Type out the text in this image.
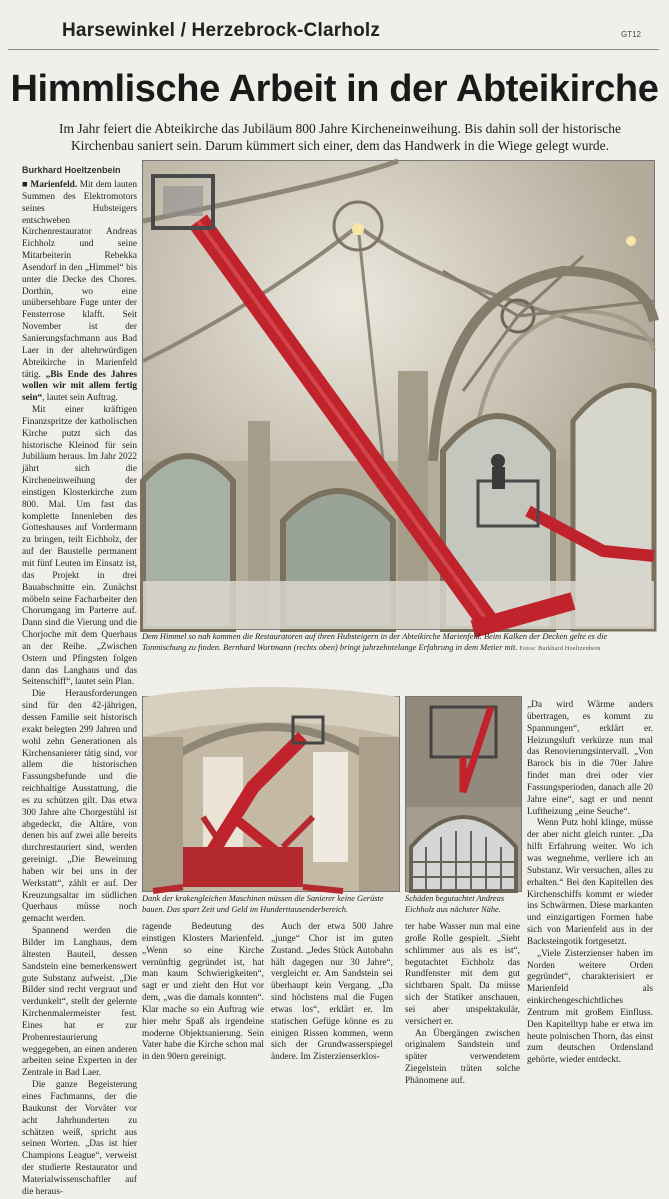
Harsewinkel / Herzebrock-Clarholz	GT12
Himmlische Arbeit in der Abteikirche
Im Jahr feiert die Abteikirche das Jubiläum 800 Jahre Kircheneinweihung. Bis dahin soll der historische Kirchenbau saniert sein. Darum kümmert sich einer, dem das Handwerk in die Wiege gelegt wurde.
Burkhard Hoeltzenbein

■ Marienfeld. Mit dem lauten Summen des Elektromotors seines Hubsteigers entschweben Kirchenrestaurator Andreas Eichholz und seine Mitarbeiterin Rebekka Asendorf in den „Himmel“ bis unter die Decke des Chores. Dorthin, wo eine unübersehbare Fuge unter der Fensterrose klafft. Seit November ist der Sanierungsfachmann aus Bad Laer in der altehrwürdigen Abteikirche in Marienfeld tätig. „Bis Ende des Jahres wollen wir mit allem fertig sein“, lautet sein Auftrag.

Mit einer kräftigen Finanzspritze der katholischen Kirche putzt sich das historische Kleinod für sein Jubiläum heraus. Im Jahr 2022 jährt sich die Kircheneinweihung der einstigen Klosterkirche zum 800. Mal. Um fast das komplette Innenleben des Gotteshauses auf Vordermann zu bringen, teilt Eichholz, der auf der Baustelle permanent mit fünf Leuten im Einsatz ist, das Projekt in drei Bauabschnitte ein. Zunächst möbeln seine Facharbeiter den Chorumgang im Parterre auf. Dann sind die Vierung und die Chorjoche mit dem Querhaus an der Reihe. „Zwischen Ostern und Pfingsten folgen dann das Langhaus und das Seitenschiff“, lautet sein Plan.

Die Herausforderungen sind für den 42-jährigen, dessen Familie seit historisch exakt belegten 299 Jahren und wohl zehn Generationen als Kirchensanierer tätig sind, vor allem die historischen Fassungsbefunde und die reichhaltige Ausstattung, die es zu schützen gilt. Das etwa 300 Jahre alte Chorgestühl ist abgedeckt, die Altäre, von denen bis auf zwei alle bereits durchrestauriert sind, werden gereinigt. „Die Beweinung haben wir bei uns in der Werkstatt“, zählt er auf. Der Kreuzungsaltar im südlichen Querhaus müsse noch gemacht werden.

Spannend werden die Bilder im Langhaus, dem ältesten Bauteil, dessen Sandstein eine bemerkenswert gute Substanz aufweist. „Die Bilder sind recht vergraut und verdunkelt“, stellt der gelernte Kirchenmalermeister fest. Eines hat er zur Probenrestaurierung weggegeben, an einen anderen arbeiten seine Experten in der Zentrale in Bad Laer.

Die ganze Begeisterung eines Fachmanns, der die Baukunst der Vorväter vor acht Jahrhunderten zu schätzen weiß, spricht aus seinen Worten. „Das ist hier Champions League“, verweist der studierte Restaurator und Materialwissenschaftler auf die heraus-

Dem Himmel so nah kommen die Restauratoren auf ihren Hubsteigern in der Abteikirche Marienfeld. Beim Kalken der Decken gelte es die Tonmischung zu finden. Bernhard Wortmann (rechts oben) bringt jahrzehntelange Erfahrung in dem Metier mit. Fotos: Burkhard Hoeltzenbein
Dank der krakengleichen Maschinen müssen die Sanierer keine Gerüste bauen. Das spart Zeit und Geld im Hunderttausenderbereich.
Schäden begutachtet Andreas Eichholz aus nächster Nähe.

ragende Bedeutung des einstigen Klosters Marienfeld. „Wenn so eine Kirche vernünftig gegründet ist, hat man kaum Schwierigkeiten“, sagt er und zieht den Hut vor dem, „was die damals konnten“. Klar mache so ein Auftrag wie hier mehr Spaß als irgendeine moderne Objektsanierung. Sein Vater habe die Kirche schon mal in den 90ern gereinigt.

Auch der etwa 500 Jahre „junge“ Chor ist im guten Zustand. „Jedes Stück Autobahn hält dagegen nur 30 Jahre“, vergleicht er. Am Sandstein sei überhaupt kein Vergang. „Da sind höchstens mal die Fugen etwas los“, erklärt er. Im statischen Gefüge könne es zu einigen Rissen kommen, wenn sich der Grundwasserspiegel ändere. Im Zisterzienserklos-

ter habe Wasser nun mal eine große Rolle gespielt. „Sieht schlimmer aus als es ist“, begutachtet Eichholz das Rundfenster mit dem gut sichtbaren Spalt. Da müsse sich der Statiker anschauen, sei aber unspektakulär, versichert er.

An Übergängen zwischen originalem Sandstein und später verwendetem Ziegelstein träten solche Phänomene auf.

„Da wird Wärme anders übertragen, es kommt zu Spannungen“, erklärt er. Heizungsluft verkürze nun mal das Renovierungsintervall. „Von Barock bis in die 70er Jahre findet man drei oder vier Fassungsperioden, danach alle 20 Jahre eine“, sagt er und nennt Luftheizung „eine Seuche“.

Wenn Putz hohl klinge, müsse der aber nicht gleich runter. „Da hilft Erfahrung weiter. Wo ich was wegnehme, verliere ich an Substanz. Wir versuchen, alles zu erhalten.“ Bei den Kapitellen des Kirchenschiffs kommt er wieder ins Schwärmen. Diese markanten und einzigartigen Formen habe sich von Marienfeld aus in der Backsteingotik fortgesetzt.

„Viele Zisterzienser haben im Norden weitere Orden gegründet“, charakterisiert er Marienfeld als einkirchengeschichtliches Zentrum mit großem Einfluss. Den Kapitelltyp habe er etwa im heute polnischen Thorn, das einst zum deutschen Ordensland gehörte, wieder entdeckt.
